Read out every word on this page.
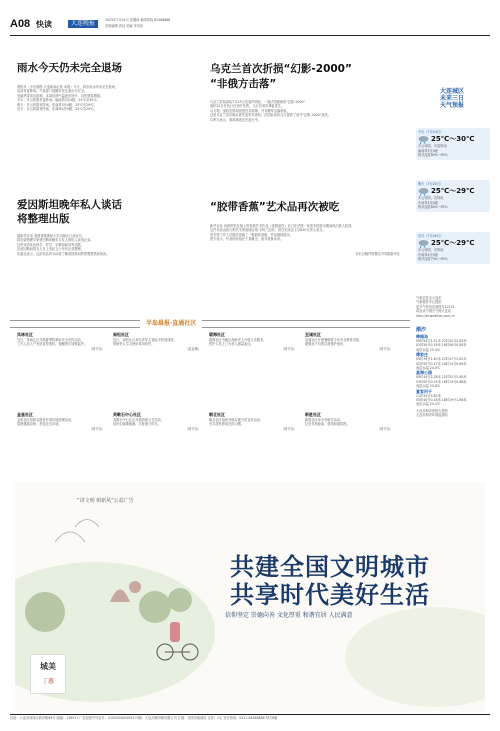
A08 快读	大连晚报	2025年7月24日 星期四 新闻热线 82488888
首席编辑 高延 美编 李凤岗
雨水今天仍未完全退场
晨报讯（半岛晨报-大连新闻记者 本报）今天，我市雨水仍未完全退场，
局部有雷阵雨。气象部门提醒市民注意出行安全。
受副热带高压影响，本周后期气温逐步回升，闷热感将增强。
今天：多云转阴有雷阵雨，偏南风3至4级，25℃至30℃。
明天：多云转阴有阵雨，东南风3至4级，25℃至29℃。
后天：多云转阴有阵雨，东南风4至5级，25℃至29℃。
乌克兰首次折损“幻影-2000”
“非俄方击落”
乌克兰武装部队7月23日发表声明说，一架法国援助的“幻影-2000”
战机22日在执行任务时坠毁，飞行员成功弹射逃生。
乌方称，战机坠毁原因是技术故障，并非俄军击落所致。
这是乌克兰首次确认损失此型号战机。法国此前向乌方提供了部分“幻影-2000”战机。
乌军方表示，事故调查正在进行中。
爱因斯坦晚年私人谈话
将整理出版
据新华社电 美国普林斯顿大学出版社日前宣布，
将出版物理学家爱因斯坦晚年与友人的私人谈话记录。
这些谈话涉及科学、哲学、宗教和政治等话题，
由爱因斯坦的友人在上世纪五十年代记录整理。
出版社表示，这部作品将为读者了解爱因斯坦的思想提供新视角。
“胶带香蕉”艺术品再次被吃
新华社电 用胶带贴在墙上的香蕉艺术作品《喜剧演员》近日在法国一家美术馆展出期间再次被人吃掉。
这件作品由意大利艺术家莫瑞吉奥·卡特兰创作，曾在拍卖会上以620万美元成交。
美术馆工作人员随后更换了一根新的香蕉，作品继续展出。
馆方表示，作品的价值在于其概念，而非香蕉本身。
本栏目稿件除署名外均据新华社
半岛晨报·直通社区
凤林社区
近日，凤林社区开展夏季防溺水安全宣传活动，
工作人员入户发放宣传资料，提醒家长加强监护。
（柯方彩）
金星社区
金星社区组织志愿者开展环境清理活动，
清理楼道杂物，美化社区环境。
（柯方彩）
南松社区
近日，南松社区举办老年人智能手机培训班，
帮助老人学习使用常用软件。
（赵金梅）
英歌石中心社区
英歌石中心社区开展消夏文艺活动，
居民们载歌载舞，共度夏日时光。
（柯方彩）
碧海社区
碧海社区为辖区高龄老人开展义诊服务，
医护人员上门为老人测量血压。
（柯方彩）
朝北社区
朝北社区组织开展垃圾分类宣传活动，
引导居民养成良好习惯。
（柯方彩）
至诚社区
至诚社区开展暑期青少年安全教育讲座，
增强孩子们的自我保护意识。
（柯方彩）
新胜社区
新胜社区举办邻里节活动，
拉近邻里距离，营造和谐氛围。
（柯方彩）
大连城区
未来三日
天气预报
今天（7月24日）
25℃～30℃
多云转阴，有雷阵雨
偏南风3至4级
相对湿度85%~95%
明天（7月25日）
25℃～29℃
多云转阴，有阵雨
东南风3至4级
相对湿度80%~95%
后天（7月26日）
25℃～29℃
多云转阴，有阵雨
东南风4至5级
相对湿度75%~95%
气象信息由大连市
气象服务中心提供
更多气象信息请拨打12121
或登录中国天气网大连站
http://dl.weather.com.cn
潮汐
棒棰岛
09时54分2.31米 21时42分2.83米
02时50分0.16米 16时08分0.85米
表层水温 23.4℃
傅家庄
09时39分2.40米 21时47分2.82米
02时55分0.17米 16时14分0.89米
表层水温 24.0℃
星海公园
09时44分2.28米 21时52分2.80米
03时00分0.19米 16时19分0.88米
表层水温 23.8℃
夏家河子
11时34分3.82米
05时40分0.18米 18时19分1.66米
表层水温 24.4℃
大连市海洋预报台提供
大连市海洋环境监测站
“讲文明 树新风”公益广告
共建全国文明城市
共享时代美好生活
信仰坚定 崇德向善 文化厚重 和谐宜居 人民满意
城美
丁蕙
社址：大连市西岗区新开路99号 邮编：116011 广告经营许可证号：2102004000003 印刷：大连天腾印刷有限公司 订阅：全国各地邮局 定价：1元 发行热线：0411-84588888 每天8版
